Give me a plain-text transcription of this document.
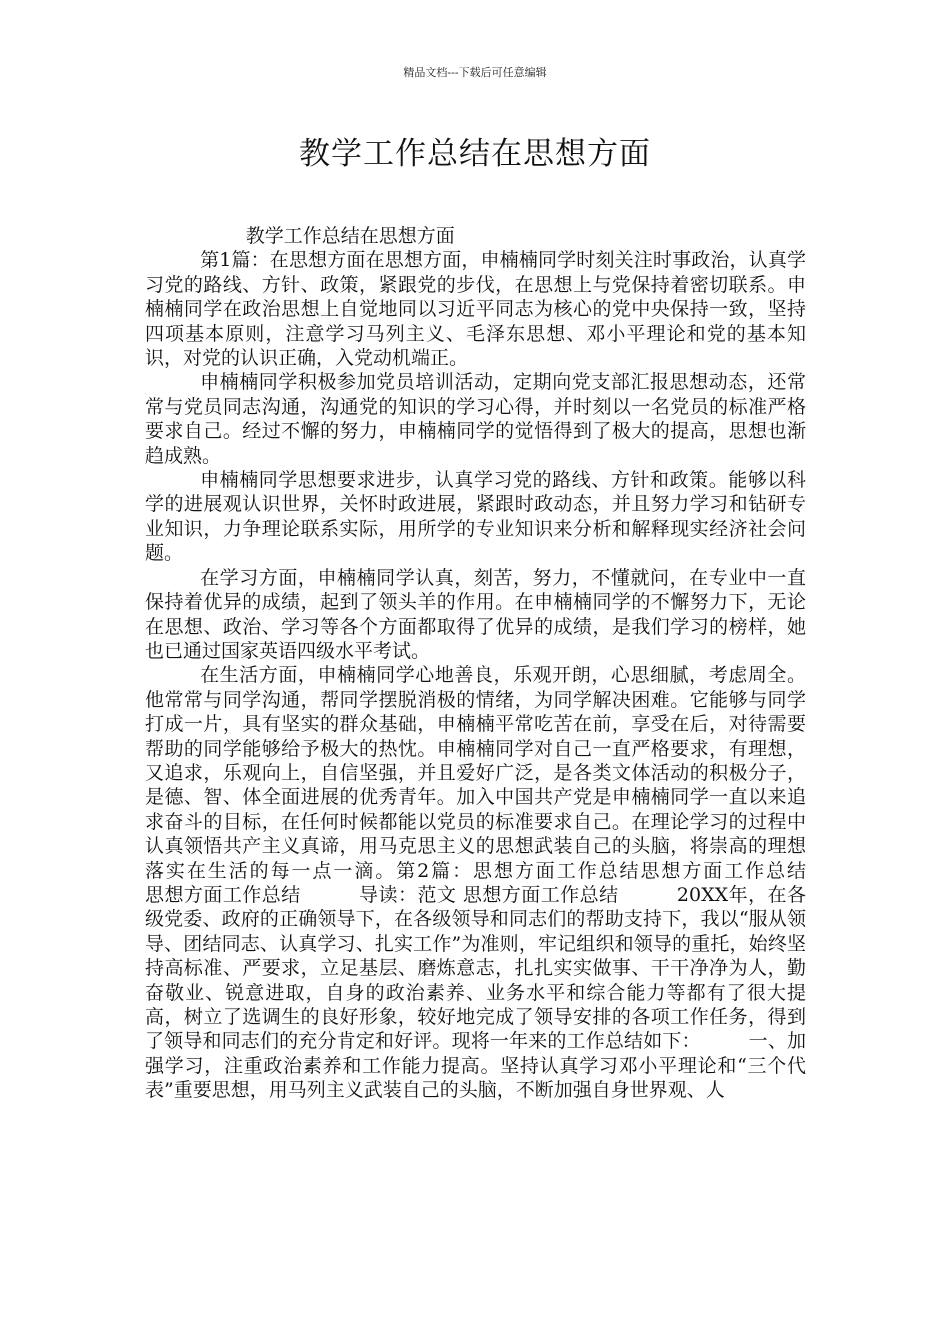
精品文档---下载后可任意编辑
教学工作总结在思想方面

教学工作总结在思想方面

第1篇：在思想方面在思想方面，申楠楠同学时刻关注时事政治，认真学习党的路线、方针、政策，紧跟党的步伐，在思想上与党保持着密切联系。申楠楠同学在政治思想上自觉地同以习近平同志为核心的党中央保持一致，坚持四项基本原则，注意学习马列主义、毛泽东思想、邓小平理论和党的基本知识，对党的认识正确，入党动机端正。

申楠楠同学积极参加党员培训活动，定期向党支部汇报思想动态，还常常与党员同志沟通，沟通党的知识的学习心得，并时刻以一名党员的标准严格要求自己。经过不懈的努力，申楠楠同学的觉悟得到了极大的提高，思想也渐趋成熟。

申楠楠同学思想要求进步，认真学习党的路线、方针和政策。能够以科学的进展观认识世界，关怀时政进展，紧跟时政动态，并且努力学习和钻研专业知识，力争理论联系实际，用所学的专业知识来分析和解释现实经济社会问题。

在学习方面，申楠楠同学认真，刻苦，努力，不懂就问，在专业中一直保持着优异的成绩，起到了领头羊的作用。在申楠楠同学的不懈努力下，无论在思想、政治、学习等各个方面都取得了优异的成绩，是我们学习的榜样，她也已通过国家英语四级水平考试。

在生活方面，申楠楠同学心地善良，乐观开朗，心思细腻，考虑周全。他常常与同学沟通，帮同学摆脱消极的情绪，为同学解决困难。它能够与同学打成一片，具有坚实的群众基础，申楠楠平常吃苦在前，享受在后，对待需要帮助的同学能够给予极大的热忱。申楠楠同学对自己一直严格要求，有理想，又追求，乐观向上，自信坚强，并且爱好广泛，是各类文体活动的积极分子，是德、智、体全面进展的优秀青年。加入中国共产党是申楠楠同学一直以来追求奋斗的目标，在任何时候都能以党员的标准要求自己。在理论学习的过程中认真领悟共产主义真谛，用马克思主义的思想武装自己的头脑，将崇高的理想落实在生活的每一点一滴。第2篇：思想方面工作总结思想方面工作总结　　　思想方面工作总结　　　导读：范文 思想方面工作总结　　　20XX年，在各级党委、政府的正确领导下，在各级领导和同志们的帮助支持下，我以“服从领导、团结同志、认真学习、扎实工作”为准则，牢记组织和领导的重托，始终坚持高标准、严要求，立足基层、磨炼意志，扎扎实实做事、干干净净为人，勤奋敬业、锐意进取，自身的政治素养、业务水平和综合能力等都有了很大提高，树立了选调生的良好形象，较好地完成了领导安排的各项工作任务，得到了领导和同志们的充分肯定和好评。现将一年来的工作总结如下：　　　一、加强学习，注重政治素养和工作能力提高。坚持认真学习邓小平理论和“三个代表”重要思想，用马列主义武装自己的头脑，不断加强自身世界观、人
